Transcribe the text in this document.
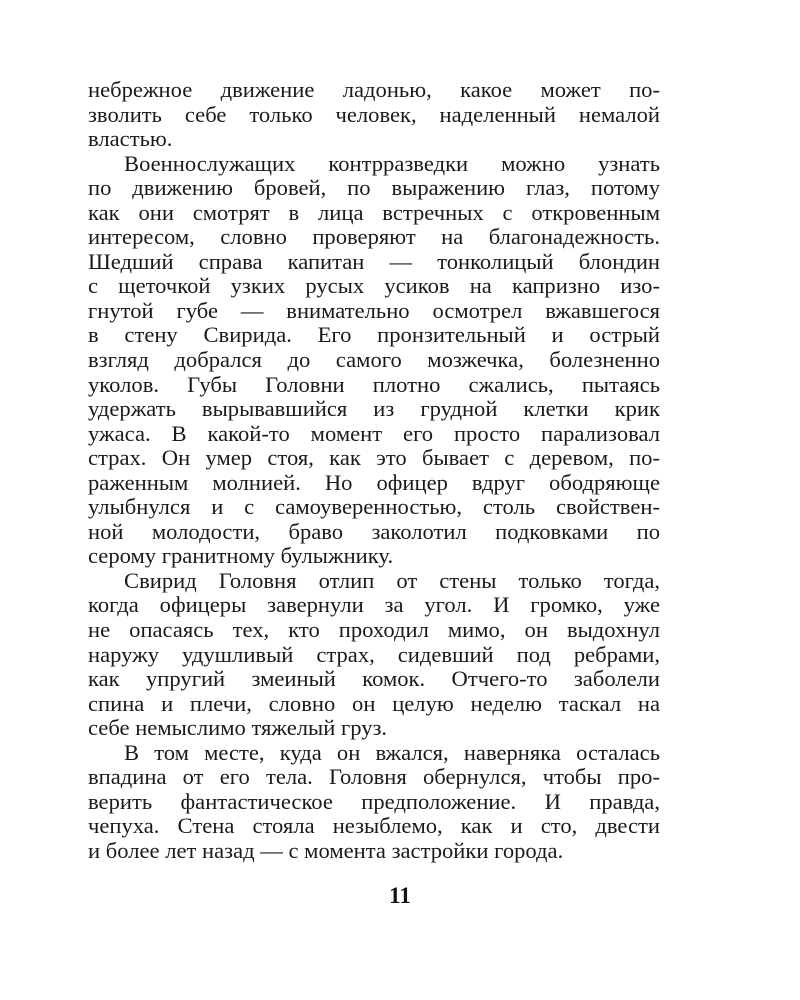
небрежное движение ладонью, какое может по-
зволить себе только человек, наделенный немалой
властью.
Военнослужащих контрразведки можно узнать
по движению бровей, по выражению глаз, потому
как они смотрят в лица встречных с откровенным
интересом, словно проверяют на благонадежность.
Шедший справа капитан — тонколицый блондин
с щеточкой узких русых усиков на капризно изо-
гнутой губе — внимательно осмотрел вжавшегося
в стену Свирида. Его пронзительный и острый
взгляд добрался до самого мозжечка, болезненно
уколов. Губы Головни плотно сжались, пытаясь
удержать вырывавшийся из грудной клетки крик
ужаса. В какой-то момент его просто парализовал
страх. Он умер стоя, как это бывает с деревом, по-
раженным молнией. Но офицер вдруг ободряюще
улыбнулся и с самоуверенностью, столь свойствен-
ной молодости, браво заколотил подковками по
серому гранитному булыжнику.
Свирид Головня отлип от стены только тогда,
когда офицеры завернули за угол. И громко, уже
не опасаясь тех, кто проходил мимо, он выдохнул
наружу удушливый страх, сидевший под ребрами,
как упругий змеиный комок. Отчего-то заболели
спина и плечи, словно он целую неделю таскал на
себе немыслимо тяжелый груз.
В том месте, куда он вжался, наверняка осталась
впадина от его тела. Головня обернулся, чтобы про-
верить фантастическое предположение. И правда,
чепуха. Стена стояла незыблемо, как и сто, двести
и более лет назад — с момента застройки города.
11
